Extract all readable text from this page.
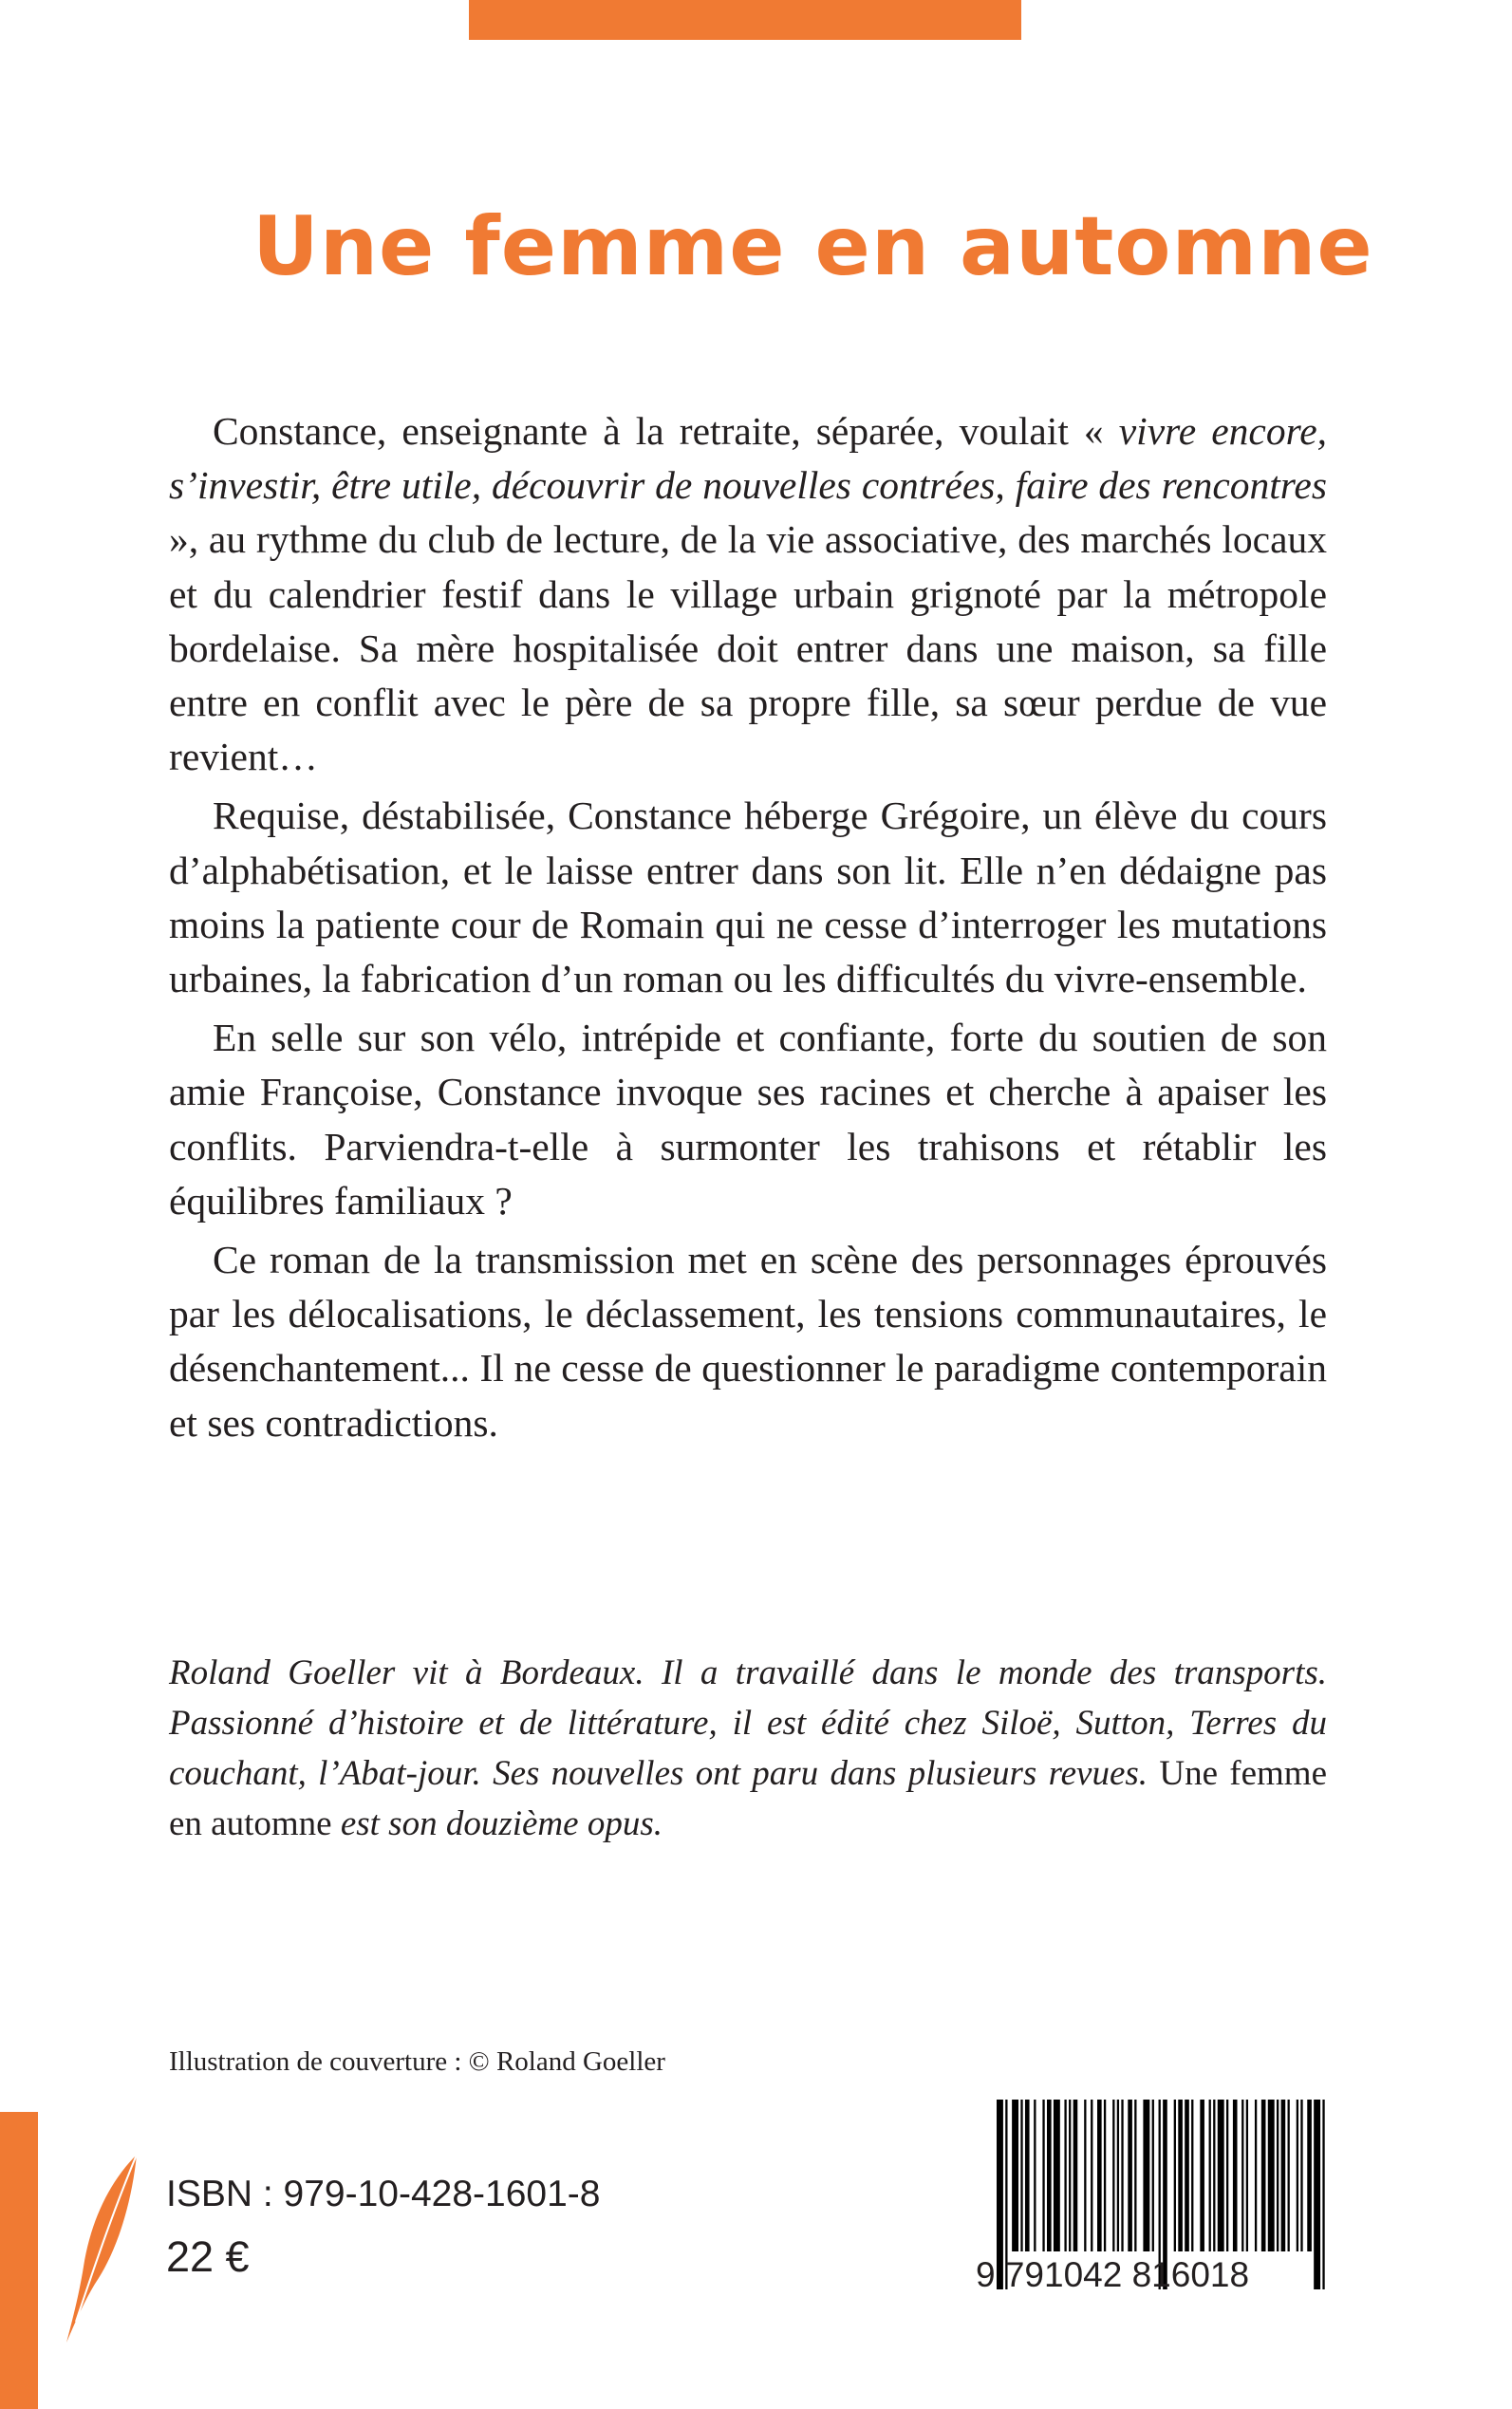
Une femme en automne

Constance, enseignante à la retraite, séparée, voulait « vivre encore, s’investir, être utile, découvrir de nouvelles contrées, faire des rencontres », au rythme du club de lecture, de la vie associative, des marchés locaux et du calendrier festif dans le village urbain grignoté par la métropole bordelaise. Sa mère hospitalisée doit entrer dans une maison, sa fille entre en conflit avec le père de sa propre fille, sa sœur perdue de vue revient…

Requise, déstabilisée, Constance héberge Grégoire, un élève du cours d’alphabétisation, et le laisse entrer dans son lit. Elle n’en dédaigne pas moins la patiente cour de Romain qui ne cesse d’interroger les mutations urbaines, la fabrication d’un roman ou les difficultés du vivre-ensemble.

En selle sur son vélo, intrépide et confiante, forte du soutien de son amie Françoise, Constance invoque ses racines et cherche à apaiser les conflits. Parviendra-t-elle à surmonter les trahisons et rétablir les équilibres familiaux ?

Ce roman de la transmission met en scène des personnages éprouvés par les délocalisations, le déclassement, les tensions communautaires, le désenchantement... Il ne cesse de questionner le paradigme contemporain et ses contradictions.

Roland Goeller vit à Bordeaux. Il a travaillé dans le monde des transports. Passionné d’histoire et de littérature, il est édité chez Siloë, Sutton, Terres du couchant, l’Abat-jour. Ses nouvelles ont paru dans plusieurs revues. Une femme en automne est son douzième opus.
Illustration de couverture : © Roland Goeller
ISBN : 979-10-428-1601-8
22 €	9 791042 816018
